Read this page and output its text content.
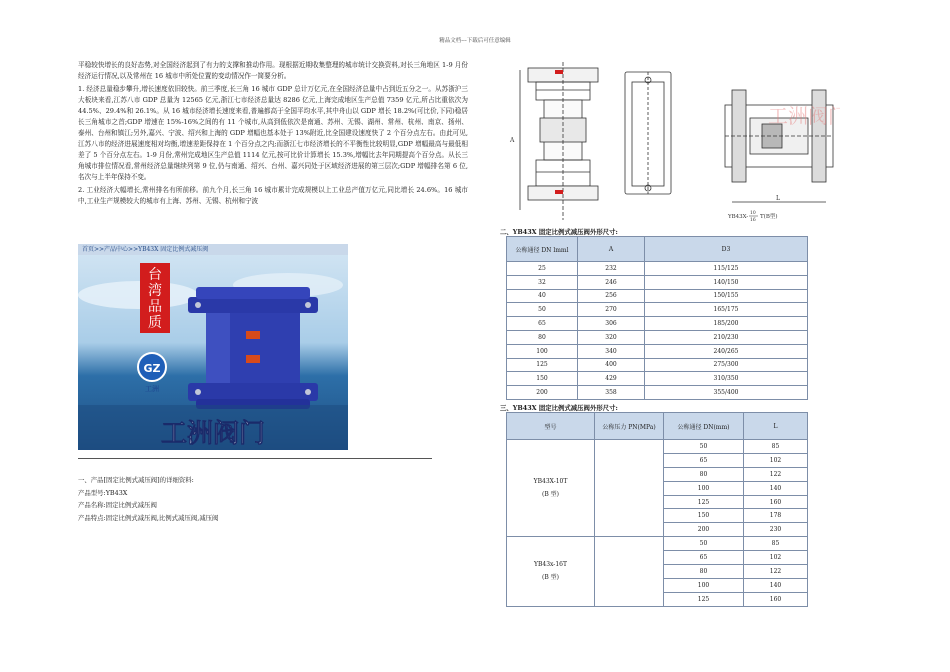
精品文档---下载后可任意编辑

平稳较快增长的良好态势,对全国经济起到了有力的支撑和推动作用。现根据近期收集整理的城市统计交换资料,对长三角地区 1-9 月份经济运行情况,以及常州在 16 城市中所处位置的变动情况作一简要分析。

1. 经济总量稳步攀升,增长速度依旧较快。前三季度,长三角 16 城市 GDP 总计万亿元,在全国经济总量中占到近五分之一。从苏浙沪三大板块来看,江苏八市 GDP 总量为 12565 亿元,浙江七市经济总量达 8286 亿元,上海完成地区生产总值 7359 亿元,所占比重依次为 44.5%、29.4%和 26.1%。从 16 城市经济增长速度来看,普遍都高于全国平均水平,其中舟山以 GDP 增长 18.2%(可比价,下同)稳居长三角城市之首;GDP 增速在 15%-16%之间的有 11 个城市,从高到低依次是南通、苏州、无锡、湖州、常州、杭州、南京、扬州、泰州、台州和镇江;另外,嘉兴、宁波、绍兴和上海的 GDP 增幅也基本处于 13%附近,比全国建设速度快了 2 个百分点左右。由此可见,江苏八市的经济进展速度相对均衡,增速差距保持在 1 个百分点之内;而浙江七市经济增长的不平衡性比较明显,GDP 增幅最高与最低相差了 5 个百分点左右。1-9 月份,常州完成地区生产总值 1114 亿元,按可比价计算增长 15.3%,增幅比去年同期提高个百分点。从长三角城市排位情况看,常州经济总量继续列第 9 位,仍与南通、绍兴、台州、嘉兴同处于区域经济进展的第三层次;GDP 增幅排名第 6 位,名次与上半年保持不变。

2. 工业经济大幅增长,常州排名有所前移。前九个月,长三角 16 城市累计完成规模以上工业总产值万亿元,同比增长 24.6%。16 城市中,工业生产规模较大的城市有上海、苏州、无锡、杭州和宁波

首页>>产品中心>>YB43X 固定比例式减压阀
台
湾
品
质
GZ
工洲
工洲阀门
一、产品[固定比例式减压阀]的详细资料:
产品型号:YB43X
产品名称:固定比例式减压阀
产品特点:固定比例式减压阀,比例式减压阀,减压阀
A
L
工洲阀门
YB43X-
10
16
T(B型)
二、YB43X 固定比例式减压阀外形尺寸:
公称通径 DN lmml	A	D3
25	232	115/125
32	246	140/150
40	256	150/155
50	270	165/175
65	306	185/200
80	320	210/230
100	340	240/265
125	400	275/300
150	429	310/350
200	358	355/400
三、YB43X 固定比例式减压阀外形尺寸:
型号	公称压力 PN(MPa)	公称通径 DN(mm)	L

YB43X-10T
(B 型)		50	85
		65	102
		80	122
		100	140
		125	160
		150	178
		200	230

YB43x-16T
(B 型)		50	85
		65	102
		80	122
		100	140
		125	160
